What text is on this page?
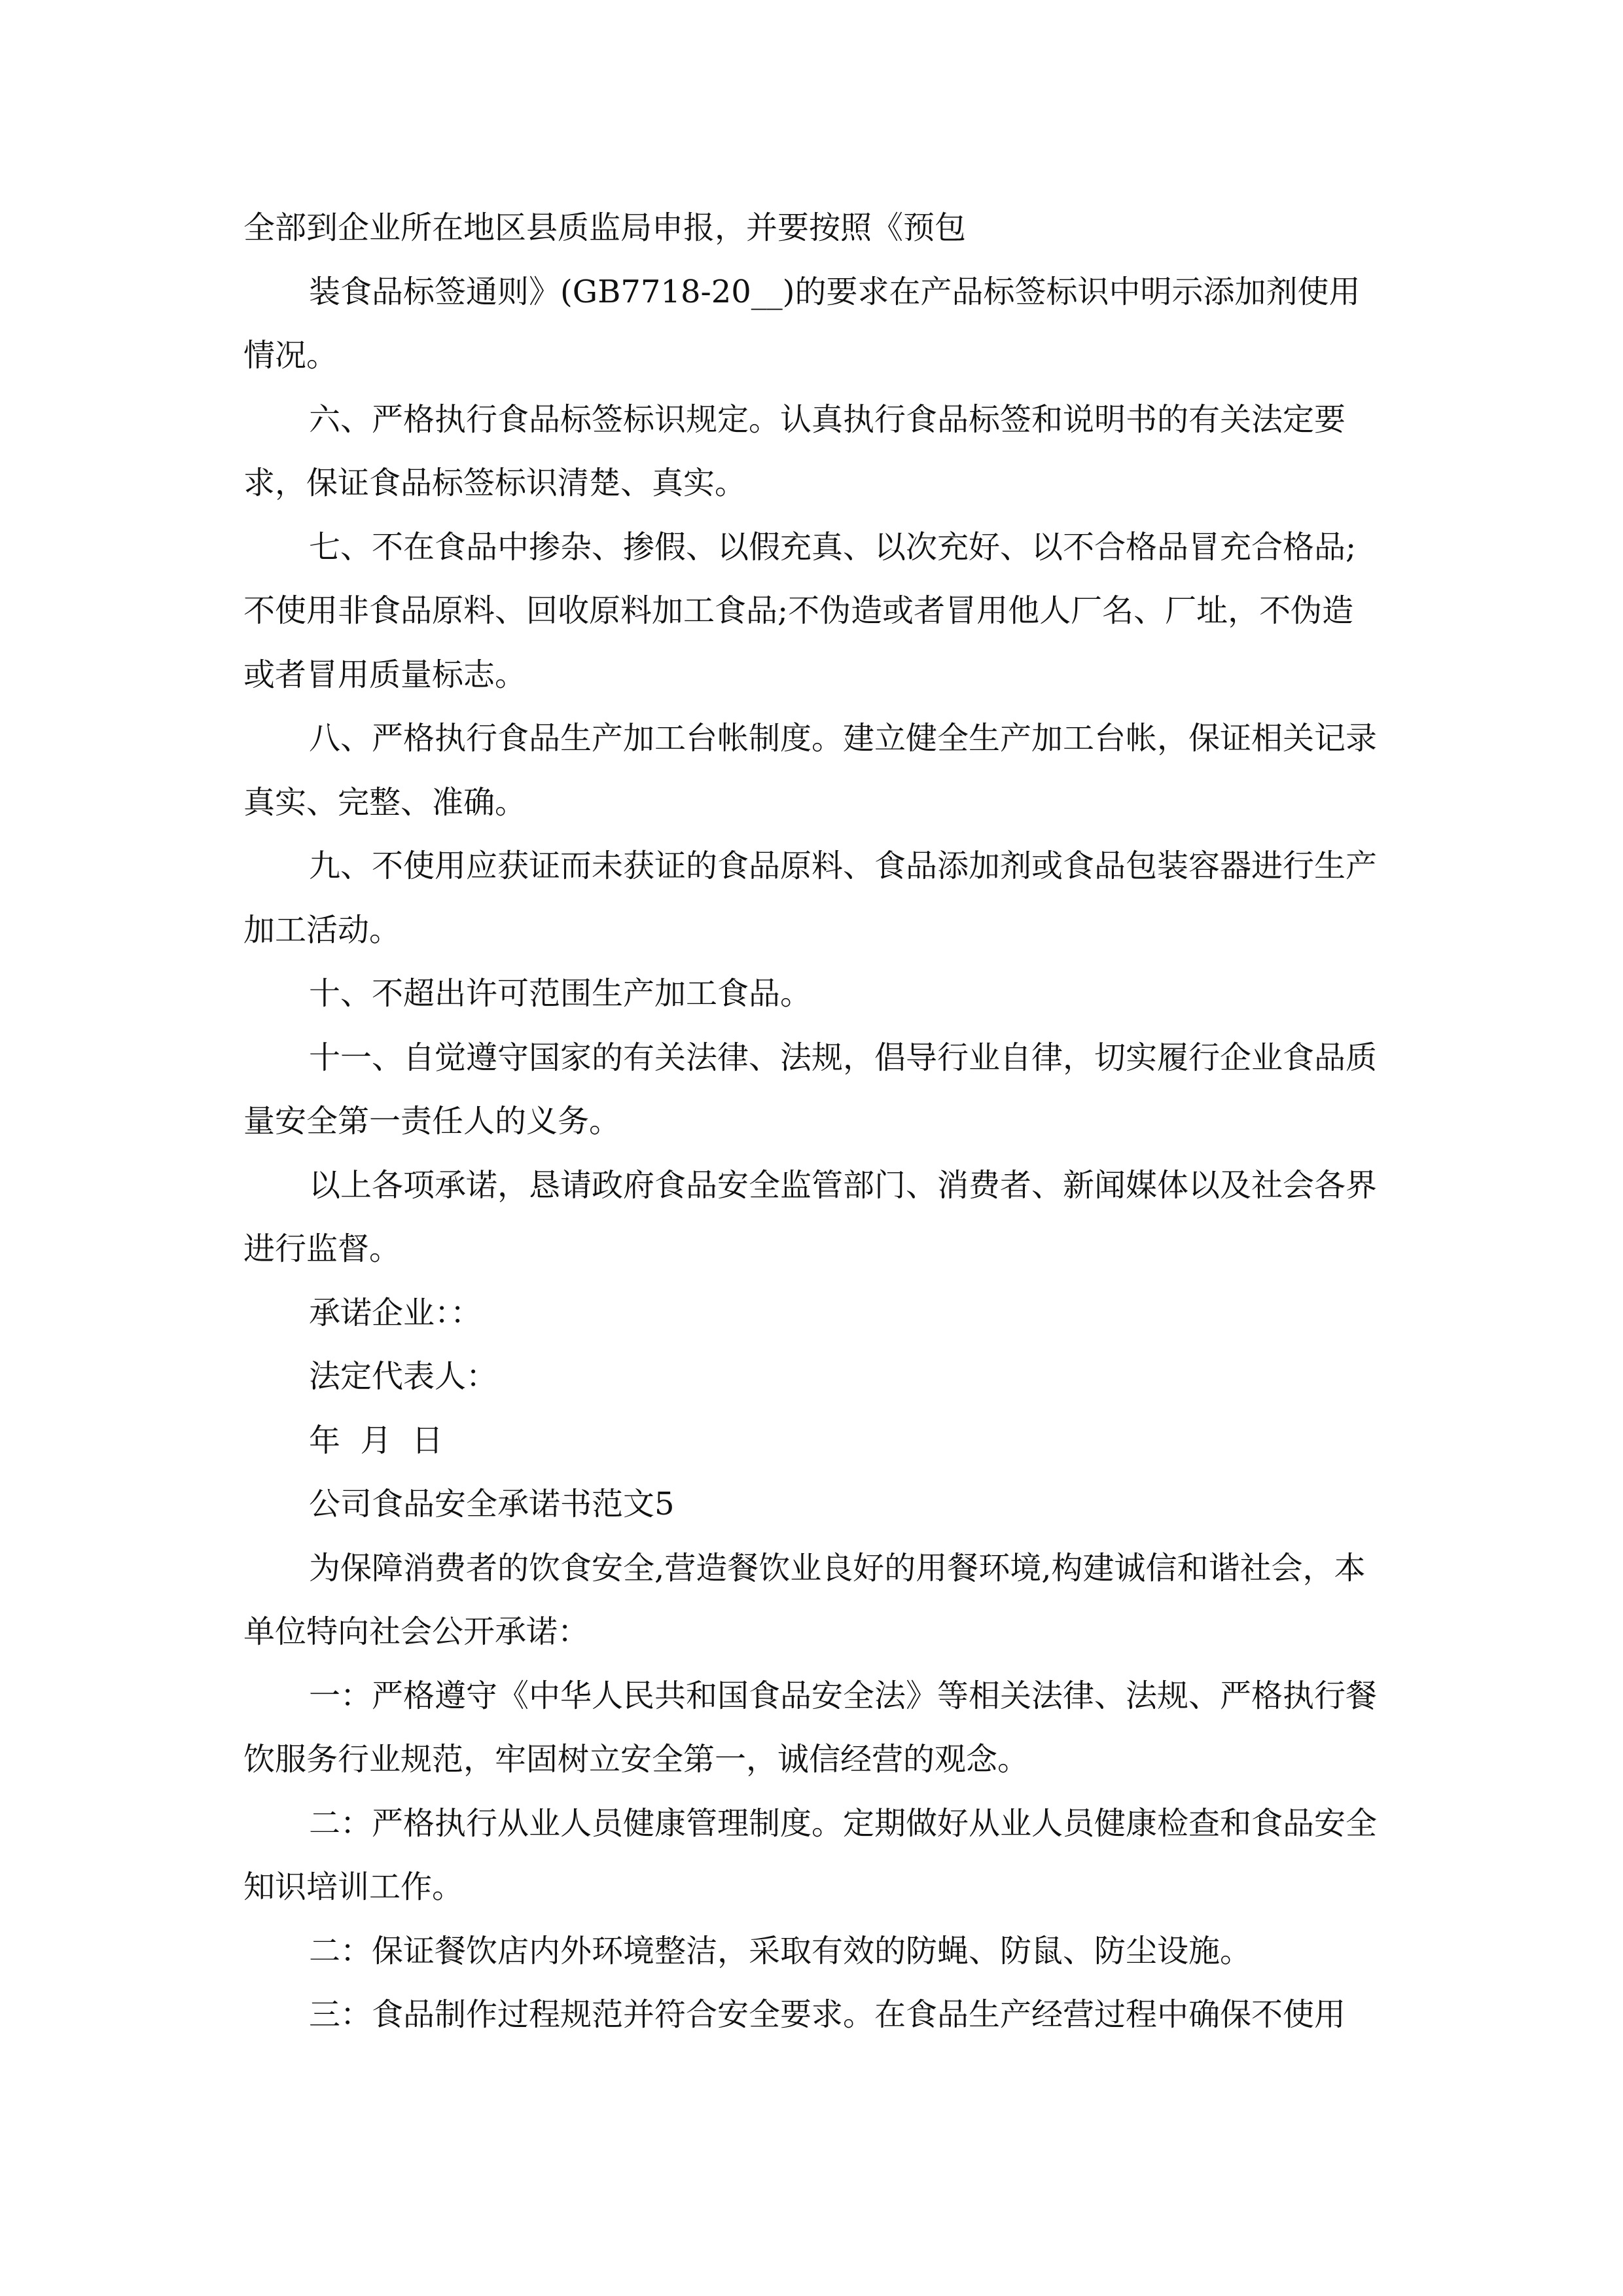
全部到企业所在地区县质监局申报，并要按照《预包

装食品标签通则》(GB7718-20__)的要求在产品标签标识中明示添加剂使用情况。

六、严格执行食品标签标识规定。认真执行食品标签和说明书的有关法定要求，保证食品标签标识清楚、真实。

七、不在食品中掺杂、掺假、以假充真、以次充好、以不合格品冒充合格品;不使用非食品原料、回收原料加工食品;不伪造或者冒用他人厂名、厂址，不伪造或者冒用质量标志。

八、严格执行食品生产加工台帐制度。建立健全生产加工台帐，保证相关记录真实、完整、准确。

九、不使用应获证而未获证的食品原料、食品添加剂或食品包装容器进行生产加工活动。

十、不超出许可范围生产加工食品。

十一、自觉遵守国家的有关法律、法规，倡导行业自律，切实履行企业食品质量安全第一责任人的义务。

以上各项承诺，恳请政府食品安全监管部门、消费者、新闻媒体以及社会各界进行监督。

承诺企业：：

法定代表人：

年  月  日

公司食品安全承诺书范文5

为保障消费者的饮食安全,营造餐饮业良好的用餐环境,构建诚信和谐社会，本单位特向社会公开承诺：

一：严格遵守《中华人民共和国食品安全法》等相关法律、法规、严格执行餐饮服务行业规范，牢固树立安全第一，诚信经营的观念。

二：严格执行从业人员健康管理制度。定期做好从业人员健康检查和食品安全知识培训工作。

二：保证餐饮店内外环境整洁，采取有效的防蝇、防鼠、防尘设施。

三：食品制作过程规范并符合安全要求。在食品生产经营过程中确保不使用
